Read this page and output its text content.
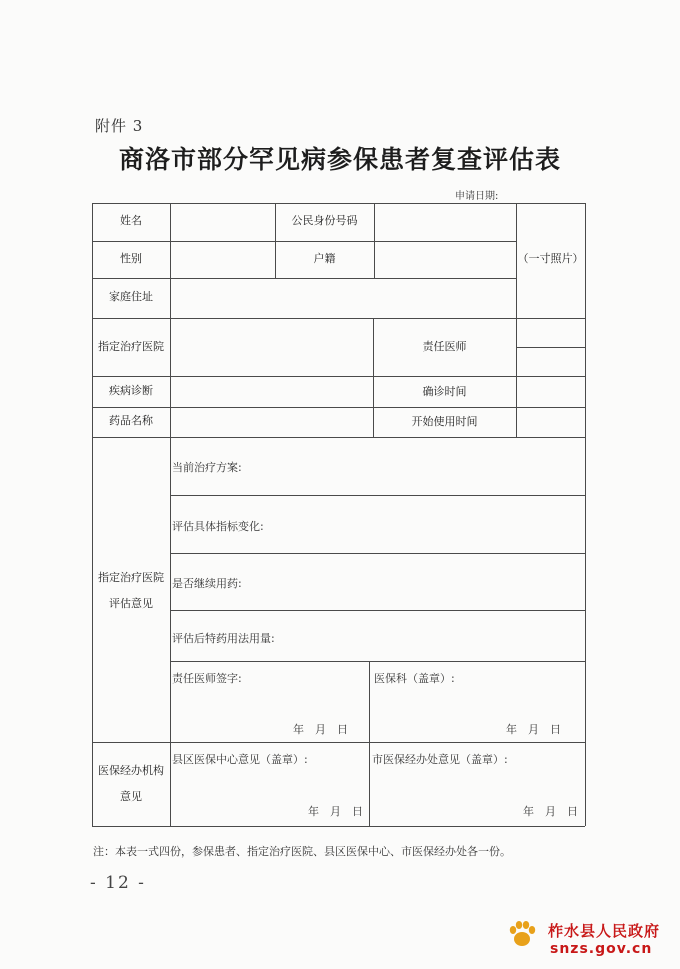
附件 3
商洛市部分罕见病参保患者复查评估表
申请日期:
姓名	公民身份号码
性别	户籍	（一寸照片）
家庭住址
指定治疗医院	责任医师
疾病诊断	确诊时间
药品名称	开始使用时间
指定治疗医院
评估意见
当前治疗方案:
评估具体指标变化:
是否继续用药:
评估后特药用法用量:
责任医师签字:	医保科（盖章）:
年　月　日	年　月　日
医保经办机构
意见
县区医保中心意见（盖章）:	市医保经办处意见（盖章）:
年　月　日	年　月　日
注：本表一式四份，参保患者、指定治疗医院、县区医保中心、市医保经办处各一份。
- 12 -
柞水县人民政府
snzs.gov.cn
